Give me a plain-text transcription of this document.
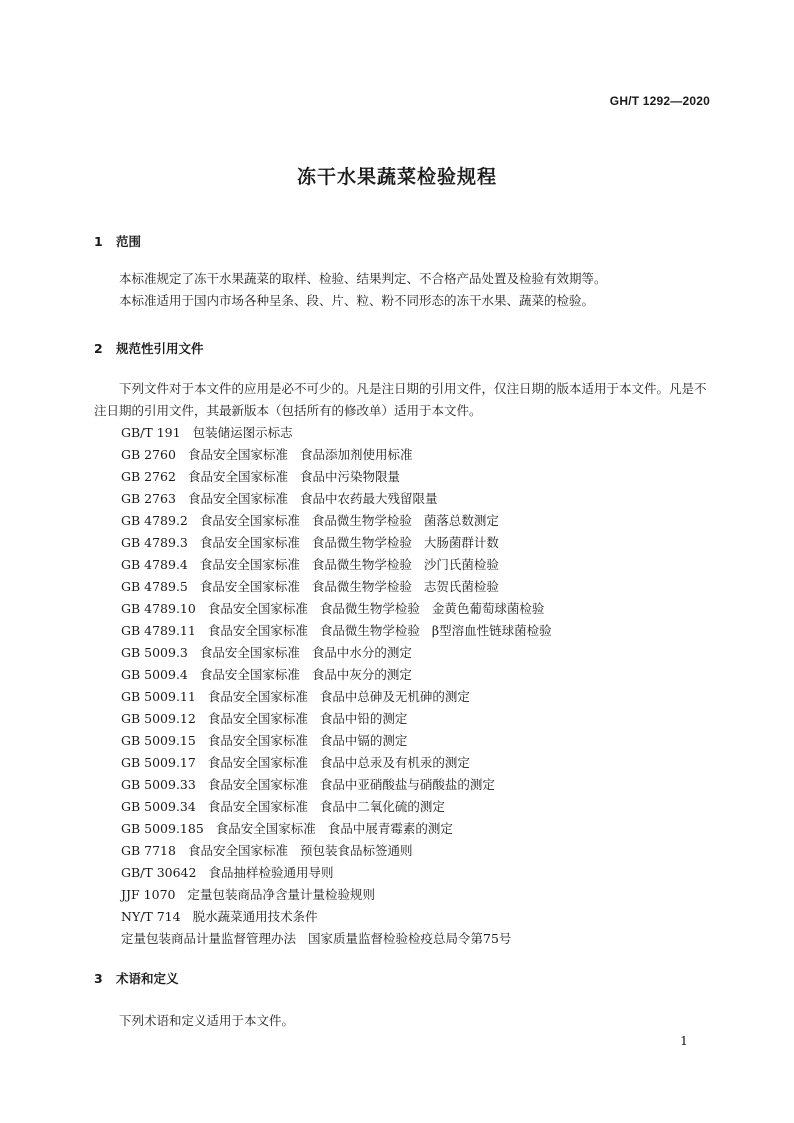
GH/T 1292—2020
冻干水果蔬菜检验规程
1 范围

本标准规定了冻干水果蔬菜的取样、检验、结果判定、不合格产品处置及检验有效期等。

本标准适用于国内市场各种呈条、段、片、粒、粉不同形态的冻干水果、蔬菜的检验。

2 规范性引用文件

下列文件对于本文件的应用是必不可少的。凡是注日期的引用文件，仅注日期的版本适用于本文件。凡是不注日期的引用文件，其最新版本（包括所有的修改单）适用于本文件。

GB/T 191 包装储运图示标志
GB 2760 食品安全国家标准 食品添加剂使用标准
GB 2762 食品安全国家标准 食品中污染物限量
GB 2763 食品安全国家标准 食品中农药最大残留限量
GB 4789.2 食品安全国家标准 食品微生物学检验 菌落总数测定
GB 4789.3 食品安全国家标准 食品微生物学检验 大肠菌群计数
GB 4789.4 食品安全国家标准 食品微生物学检验 沙门氏菌检验
GB 4789.5 食品安全国家标准 食品微生物学检验 志贺氏菌检验
GB 4789.10 食品安全国家标准 食品微生物学检验 金黄色葡萄球菌检验
GB 4789.11 食品安全国家标准 食品微生物学检验 β型溶血性链球菌检验
GB 5009.3 食品安全国家标准 食品中水分的测定
GB 5009.4 食品安全国家标准 食品中灰分的测定
GB 5009.11 食品安全国家标准 食品中总砷及无机砷的测定
GB 5009.12 食品安全国家标准 食品中铅的测定
GB 5009.15 食品安全国家标准 食品中镉的测定
GB 5009.17 食品安全国家标准 食品中总汞及有机汞的测定
GB 5009.33 食品安全国家标准 食品中亚硝酸盐与硝酸盐的测定
GB 5009.34 食品安全国家标准 食品中二氧化硫的测定
GB 5009.185 食品安全国家标准 食品中展青霉素的测定
GB 7718 食品安全国家标准 预包装食品标签通则
GB/T 30642 食品抽样检验通用导则
JJF 1070 定量包装商品净含量计量检验规则
NY/T 714 脱水蔬菜通用技术条件
定量包装商品计量监督管理办法 国家质量监督检验检疫总局令第75号
3 术语和定义

下列术语和定义适用于本文件。

1
